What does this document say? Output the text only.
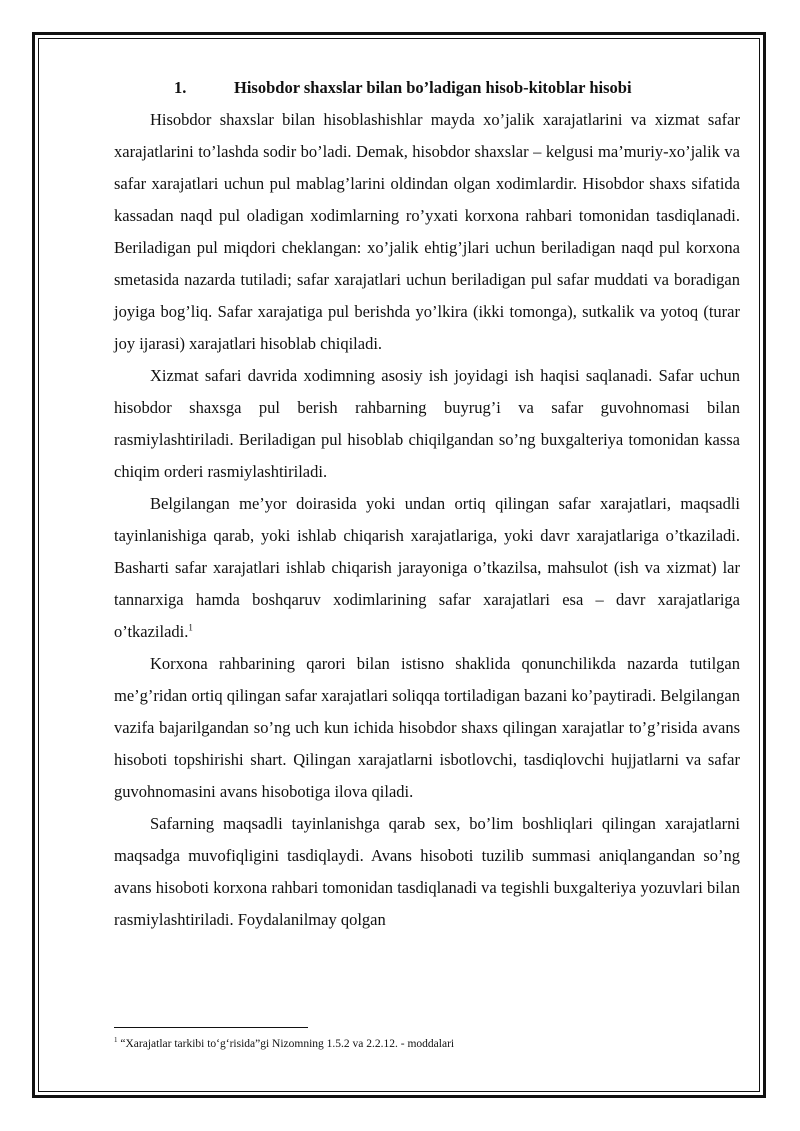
1.	Hisobdor shaxslar bilan bo’ladigan hisob-kitoblar hisobi

Hisobdor shaxslar bilan hisoblashishlar mayda xo’jalik xarajatlarini va xizmat safar xarajatlarini to’lashda sodir bo’ladi. Demak, hisobdor shaxslar – kelgusi ma’muriy-xo’jalik va safar xarajatlari uchun pul mablag’larini oldindan olgan xodimlardir. Hisobdor shaxs sifatida kassadan naqd pul oladigan xodimlarning ro’yxati korxona rahbari tomonidan tasdiqlanadi. Beriladigan pul miqdori cheklangan: xo’jalik ehtig’jlari uchun beriladigan naqd pul korxona smetasida nazarda tutiladi; safar xarajatlari uchun beriladigan pul safar muddati va boradigan joyiga bog’liq. Safar xarajatiga pul berishda yo’lkira (ikki tomonga), sutkalik va yotoq (turar joy ijarasi) xarajatlari hisoblab chiqiladi.

Xizmat safari davrida xodimning asosiy ish joyidagi ish haqisi saqlanadi. Safar uchun hisobdor shaxsga pul berish rahbarning buyrug’i va safar guvohnomasi bilan rasmiylashtiriladi. Beriladigan pul hisoblab chiqilgandan so’ng buxgalteriya tomonidan kassa chiqim orderi rasmiylashtiriladi.

Belgilangan me’yor doirasida yoki undan ortiq qilingan safar xarajatlari, maqsadli tayinlanishiga qarab, yoki ishlab chiqarish xarajatlariga, yoki davr xarajatlariga o’tkaziladi. Basharti safar xarajatlari ishlab chiqarish jarayoniga o’tkazilsa, mahsulot (ish va xizmat) lar tannarxiga hamda boshqaruv xodimlarining safar xarajatlari esa – davr xarajatlariga o’tkaziladi.$^1$

Korxona rahbarining qarori bilan istisno shaklida qonunchilikda nazarda tutilgan me’g’ridan ortiq qilingan safar xarajatlari soliqqa tortiladigan bazani ko’paytiradi. Belgilangan vazifa bajarilgandan so’ng uch kun ichida hisobdor shaxs qilingan xarajatlar to’g’risida avans hisoboti topshirishi shart. Qilingan xarajatlarni isbotlovchi, tasdiqlovchi hujjatlarni va safar guvohnomasini avans hisobotiga ilova qiladi.

Safarning maqsadli tayinlanishga qarab sex, bo’lim boshliqlari qilingan xarajatlarni maqsadga muvofiqligini tasdiqlaydi. Avans hisoboti tuzilib summasi aniqlangandan so’ng avans hisoboti korxona rahbari tomonidan tasdiqlanadi va tegishli buxgalteriya yozuvlari bilan rasmiylashtiriladi. Foydalanilmay qolgan

$^1$ “Xarajatlar tarkibi to‘g‘risida”gi Nizomning 1.5.2 va 2.2.12. - moddalari
